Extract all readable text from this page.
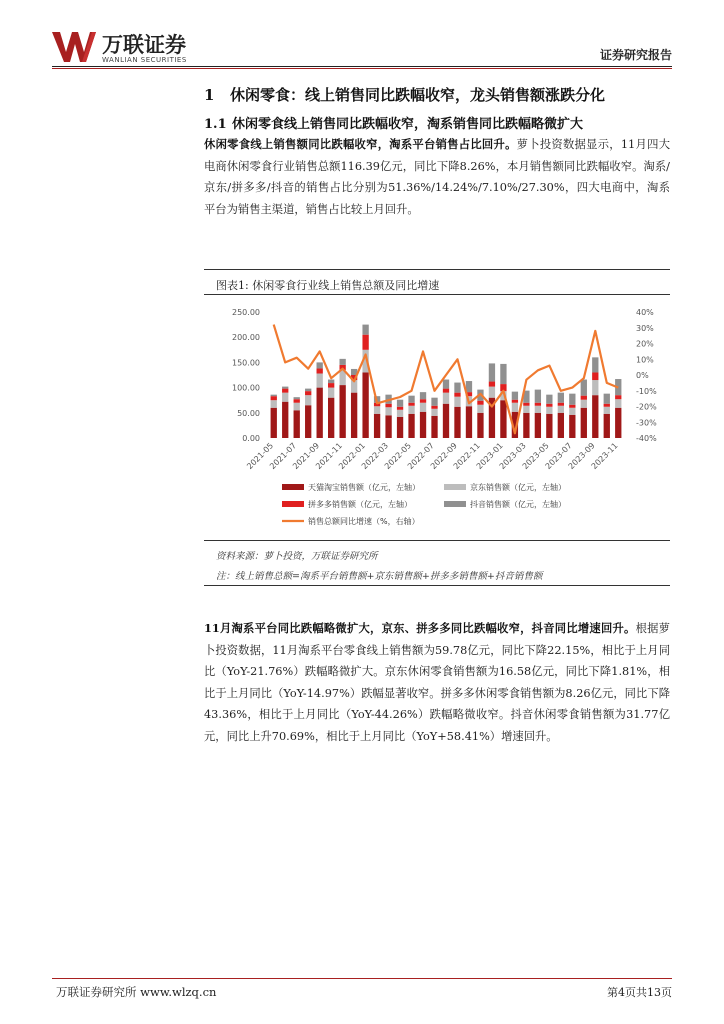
万联证券
WANLIAN SECURITIES	证券研究报告
1 休闲零食：线上销售同比跌幅收窄，龙头销售额涨跌分化
1.1 休闲零食线上销售同比跌幅收窄，淘系销售同比跌幅略微扩大
休闲零食线上销售额同比跌幅收窄，淘系平台销售占比回升。萝卜投资数据显示，11月四大电商休闲零食行业销售总额116.39亿元，同比下降8.26%，本月销售额同比跌幅收窄。淘系/京东/拼多多/抖音的销售占比分别为51.36%/14.24%/7.10%/27.30%，四大电商中，淘系平台为销售主渠道，销售占比较上月回升。
图表1: 休闲零食行业线上销售总额及同比增速
0.00
50.00
100.00
150.00
200.00
250.00
-40%
-30%
-20%
-10%
0%
10%
20%
30%
40%
2021-05
2021-07
2021-09
2021-11
2022-01
2022-03
2022-05
2022-07
2022-09
2022-11
2023-01
2023-03
2023-05
2023-07
2023-09
2023-11
天猫淘宝销售额（亿元，左轴）	京东销售额（亿元，左轴）
拼多多销售额（亿元，左轴）	抖音销售额（亿元，左轴）
销售总额同比增速（%，右轴）
资料来源：萝卜投资，万联证券研究所
注：线上销售总额=淘系平台销售额+京东销售额+拼多多销售额+抖音销售额
11月淘系平台同比跌幅略微扩大，京东、拼多多同比跌幅收窄，抖音同比增速回升。根据萝卜投资数据，11月淘系平台零食线上销售额为59.78亿元，同比下降22.15%，相比于上月同比（YoY-21.76%）跌幅略微扩大。京东休闲零食销售额为16.58亿元，同比下降1.81%，相比于上月同比（YoY-14.97%）跌幅显著收窄。拼多多休闲零食销售额为8.26亿元，同比下降43.36%，相比于上月同比（YoY-44.26%）跌幅略微收窄。抖音休闲零食销售额为31.77亿元，同比上升70.69%，相比于上月同比（YoY+58.41%）增速回升。
万联证券研究所 www.wlzq.cn	第4页共13页
